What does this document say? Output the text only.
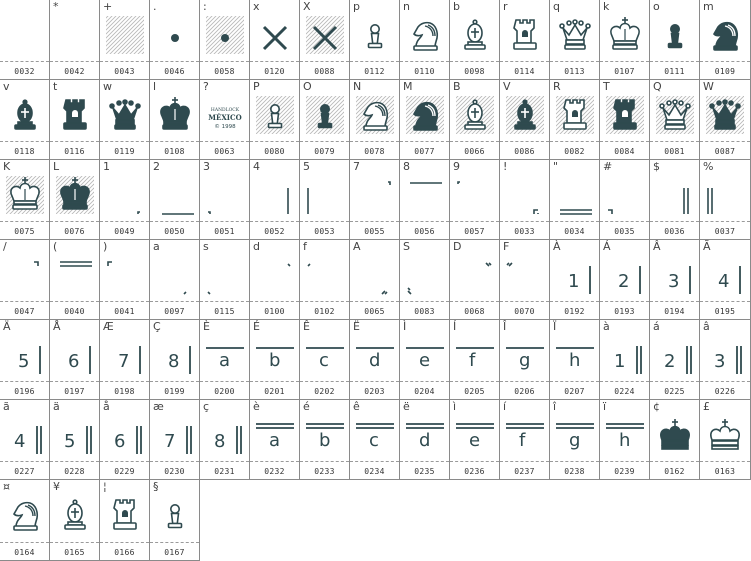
0032
*
0042
+
0043
.
0046
:
0058
x
0120
X
0088
p
0112
n
0110
b
0098
r
0114
q
0113
k
0107
o
0111
m
0109
v
0118
t
0116
w
0119
l
0108
?
HANDLOCK
MÉXICO
© 1998
0063
P
0080
O
0079
N
0078
M
0077
B
0066
V
0086
R
0082
T
0084
Q
0081
W
0087
K
0075
L
0076
1
0049
2
0050
3
0051
4
0052
5
0053
7
0055
8
0056
9
0057
!
0033
"
0034
#
0035
$
0036
%
0037
/
0047
(
0040
)
0041
a
0097
s
0115
d
0100
f
0102
A
0065
S
0083
D
0068
F
0070
À
1
0192
Á
2
0193
Â
3
0194
Ã
4
0195
Ä
5
0196
Å
6
0197
Æ
7
0198
Ç
8
0199
È
a
0200
É
b
0201
Ê
c
0202
Ë
d
0203
Ì
e
0204
Í
f
0205
Î
g
0206
Ï
h
0207
à
1
0224
á
2
0225
â
3
0226
ã
4
0227
ä
5
0228
å
6
0229
æ
7
0230
ç
8
0231
è
a
0232
é
b
0233
ê
c
0234
ë
d
0235
ì
e
0236
í
f
0237
î
g
0238
ï
h
0239
¢
0162
£
0163
¤
0164
¥
0165
¦
0166
§
0167
